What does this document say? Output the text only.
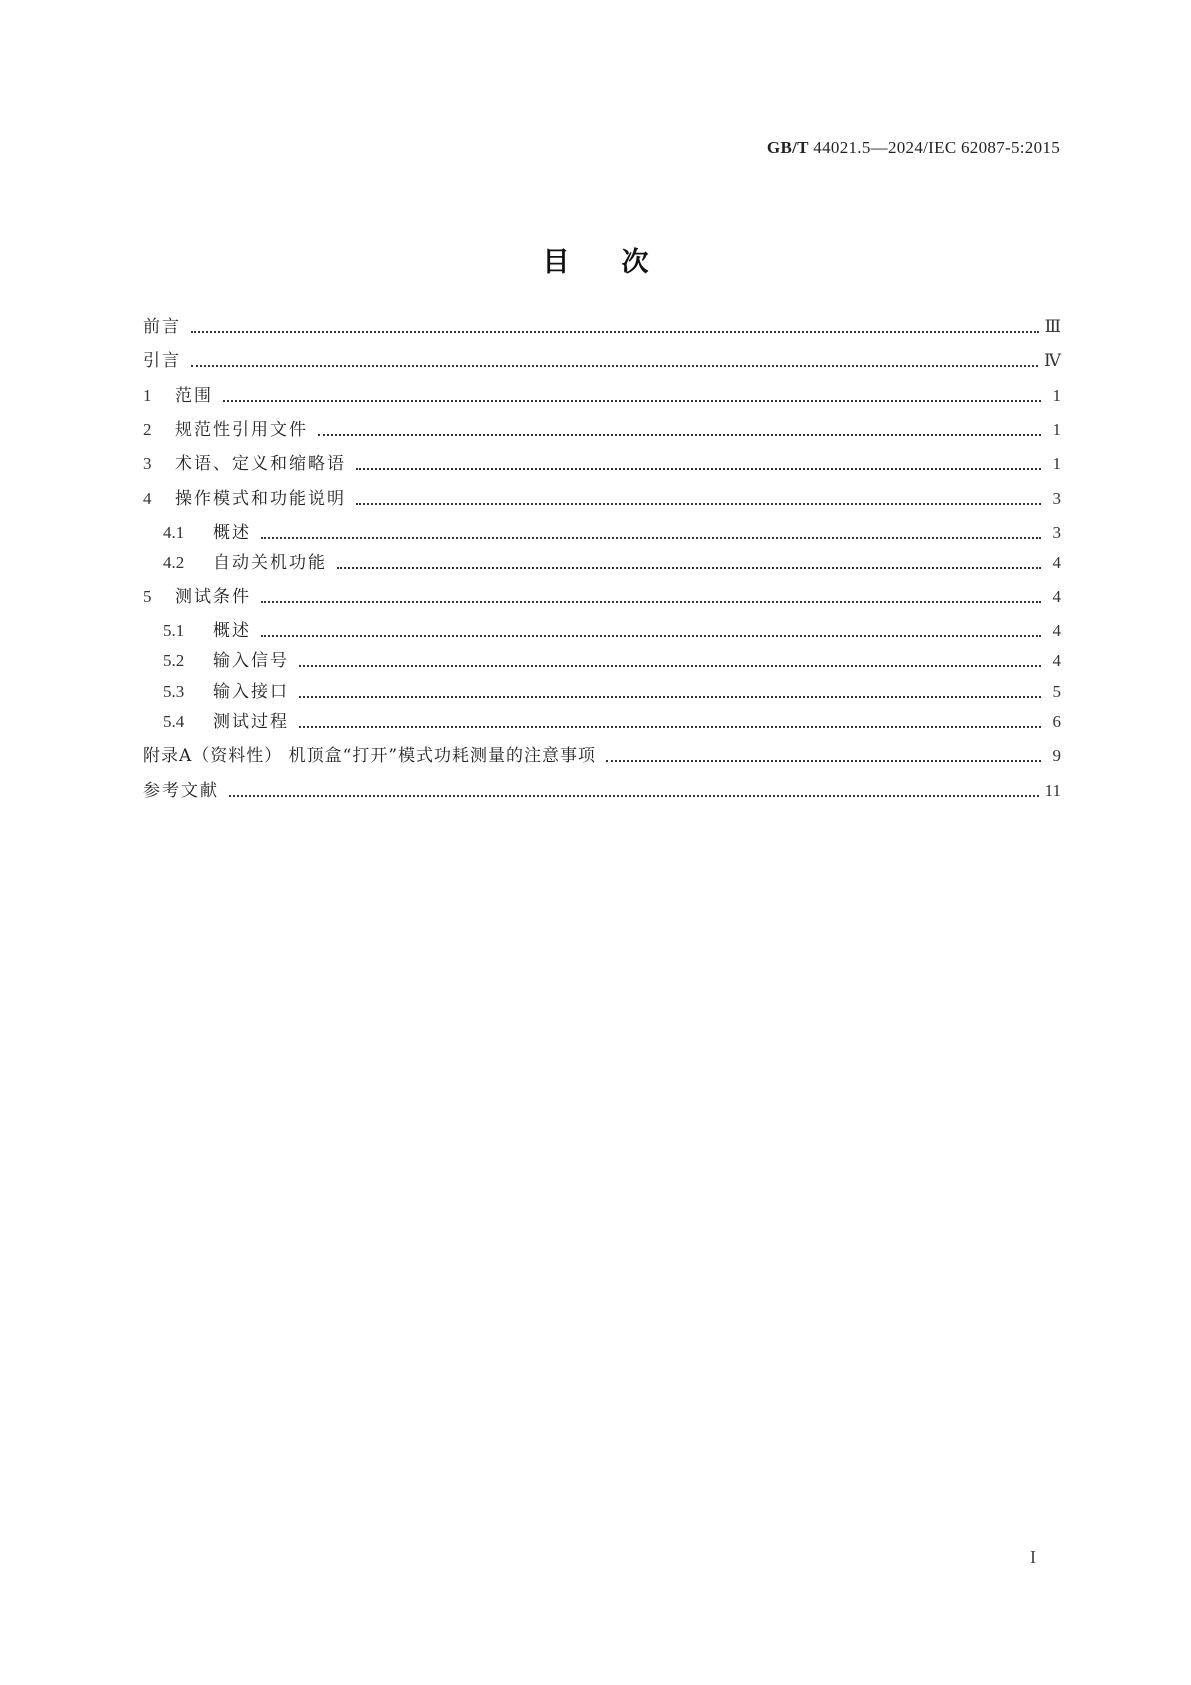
GB/T 44021.5—2024/IEC 62087-5:2015
目次
前言	Ⅲ
引言	Ⅳ
1	范围	1
2	规范性引用文件	1
3	术语、定义和缩略语	1
4	操作模式和功能说明	3
4.1	概述	3
4.2	自动关机功能	4
5	测试条件	4
5.1	概述	4
5.2	输入信号	4
5.3	输入接口	5
5.4	测试过程	6
附录A（资料性） 机顶盒“打开”模式功耗测量的注意事项	9
参考文献	11
I
